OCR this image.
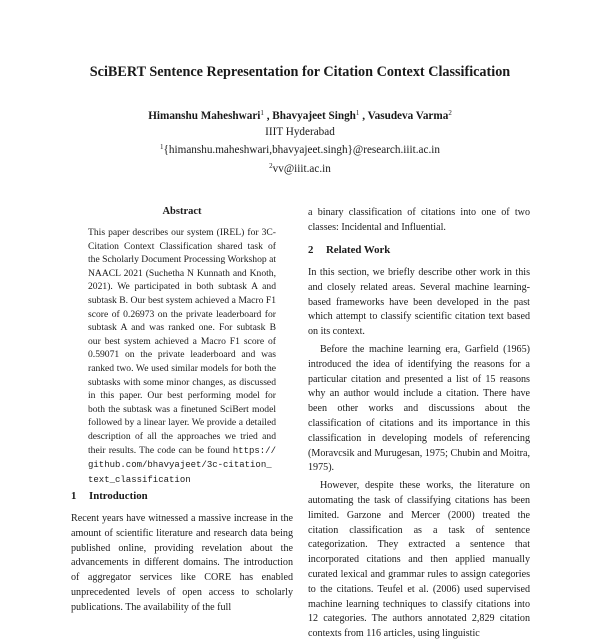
SciBERT Sentence Representation for Citation Context Classification
Himanshu Maheshwari$^1$ , Bhavyajeet Singh$^1$ , Vasudeva Varma$^2$
IIIT Hyderabad
$^1${himanshu.maheshwari,bhavyajeet.singh}@research.iiit.ac.in
$^2$vv@iiit.ac.in
Abstract
This paper describes our system (IREL) for 3C-Citation Context Classification shared task of the Scholarly Document Processing Workshop at NAACL 2021 (Suchetha N Kunnath and Knoth, 2021). We participated in both subtask A and subtask B. Our best system achieved a Macro F1 score of 0.26973 on the private leaderboard for subtask A and was ranked one. For subtask B our best system achieved a Macro F1 score of 0.59071 on the private leaderboard and was ranked two. We used similar models for both the subtasks with some minor changes, as discussed in this paper. Our best performing model for both the subtask was a finetuned SciBert model followed by a linear layer. We provide a detailed description of all the approaches we tried and their results. The code can be found https://github.com/bhavyajeet/3c-citation_text_classification
1 Introduction

Recent years have witnessed a massive increase in the amount of scientific literature and research data being published online, providing revelation about the advancements in different domains. The introduction of aggregator services like CORE has enabled unprecedented levels of open access to scholarly publications. The availability of the full

a binary classification of citations into one of two classes: Incidental and Influential.

2 Related Work

In this section, we briefly describe other work in this and closely related areas. Several machine learning-based frameworks have been developed in the past which attempt to classify scientific citation text based on its context.

Before the machine learning era, Garfield (1965) introduced the idea of identifying the reasons for a particular citation and presented a list of 15 reasons why an author would include a citation. There have been other works and discussions about the classification of citations and its importance in this classification in developing models of referencing (Moravcsik and Murugesan, 1975; Chubin and Moitra, 1975).

However, despite these works, the literature on automating the task of classifying citations has been limited. Garzone and Mercer (2000) treated the citation classification as a task of sentence categorization. They extracted a sentence that incorporated citations and then applied manually curated lexical and grammar rules to assign categories to the citations. Teufel et al. (2006) used supervised machine learning techniques to classify citations into 12 categories. The authors annotated 2,829 citation contexts from 116 articles, using linguistic
